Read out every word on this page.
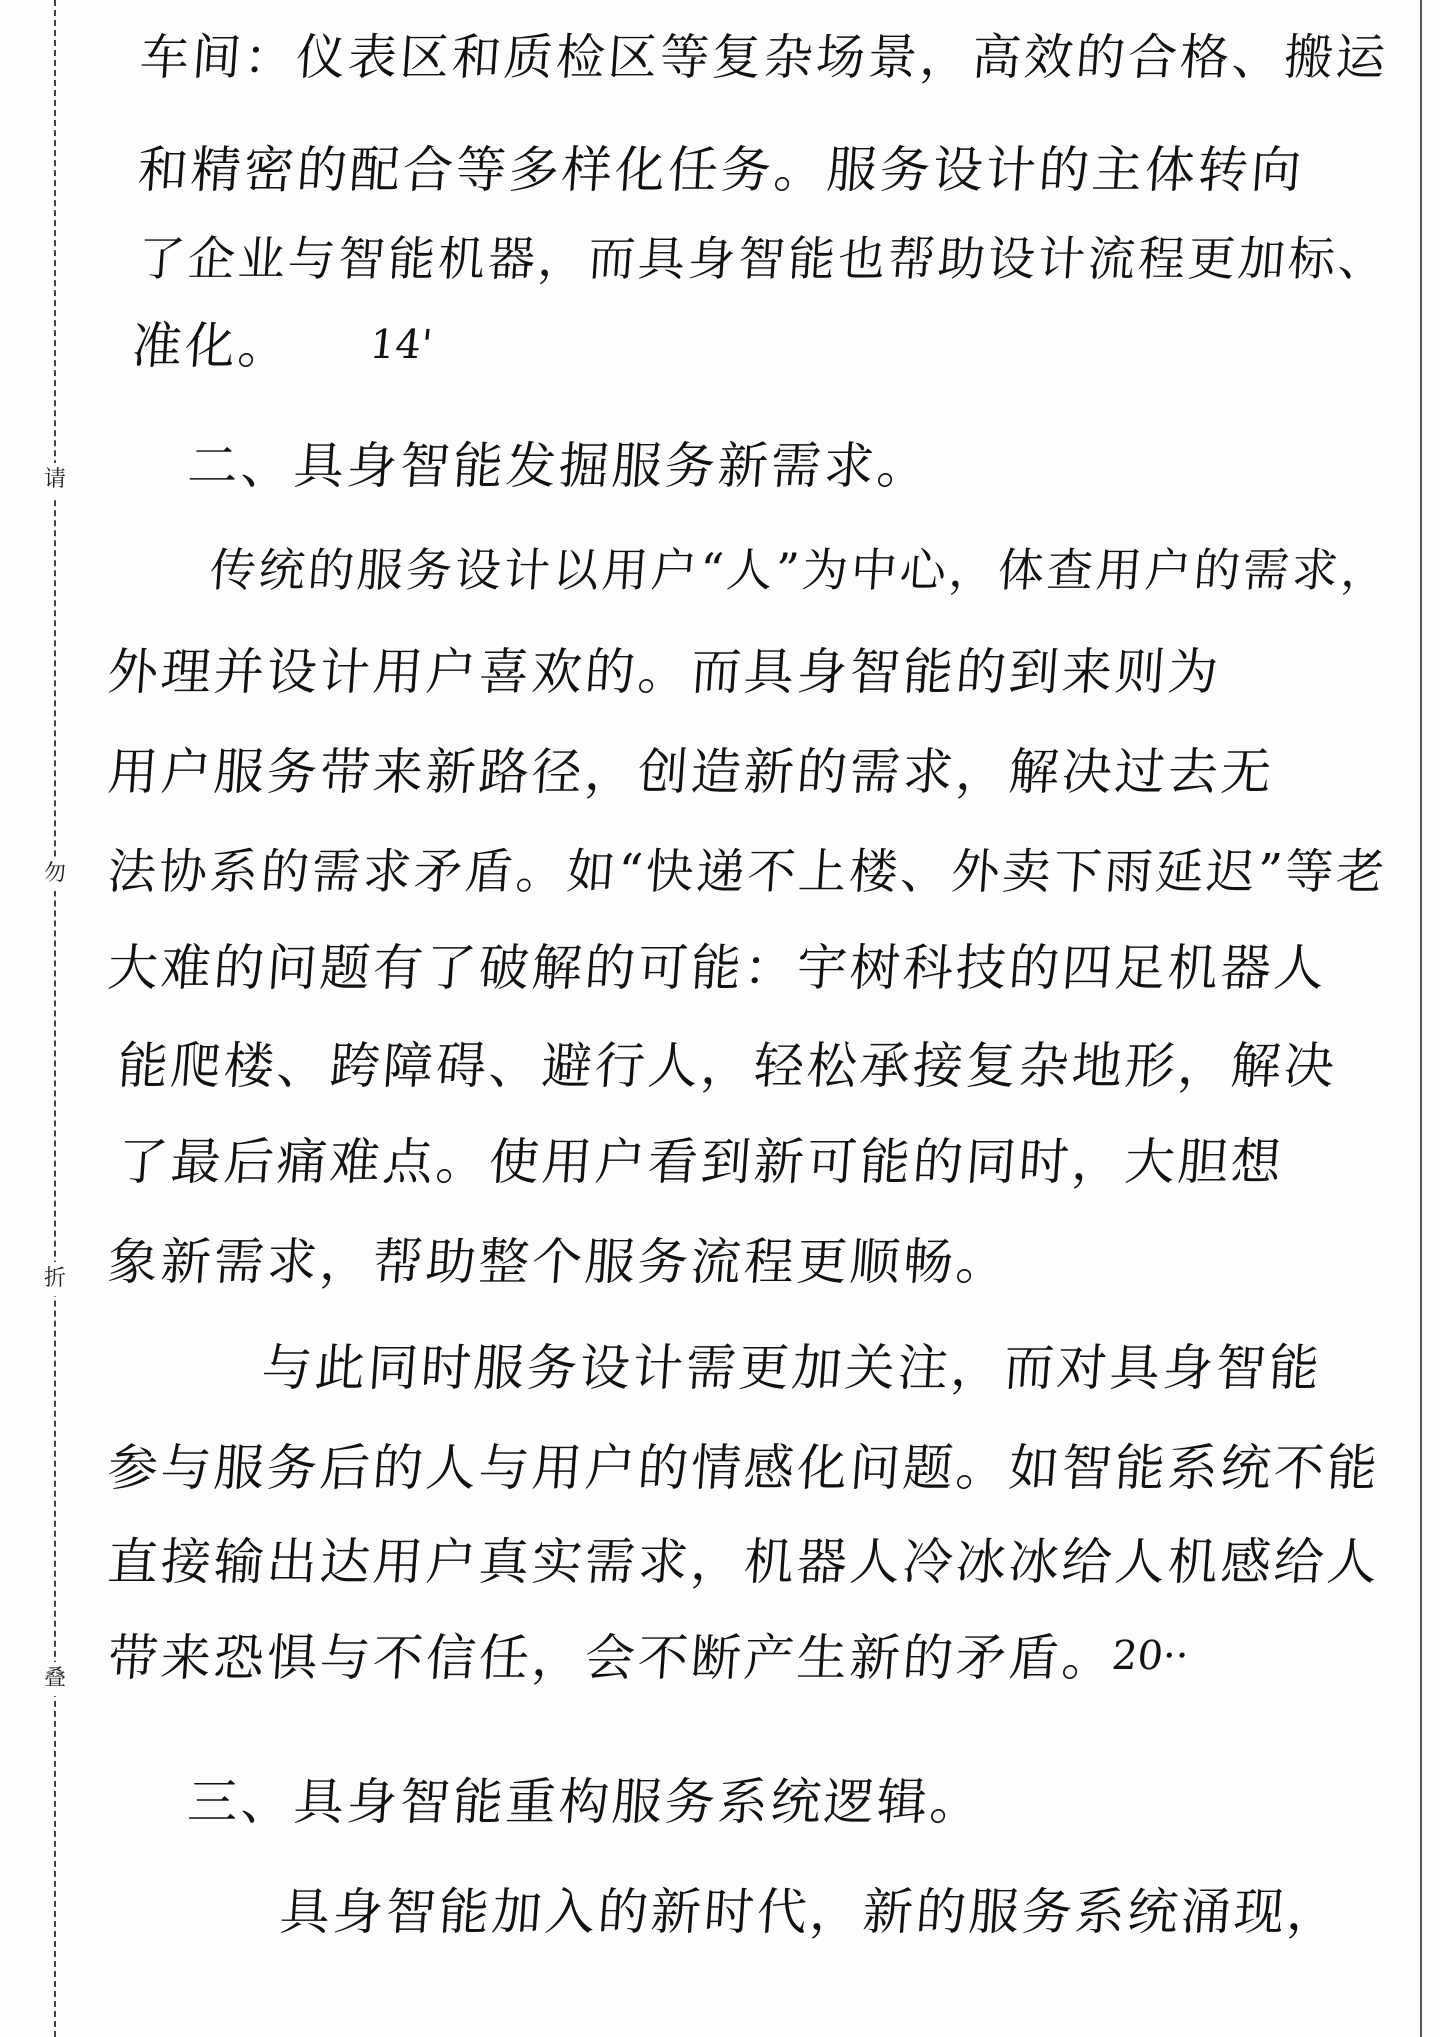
请
勿
折
叠
车间：仪表区和质检区等复杂场景，高效的合格、搬运
和精密的配合等多样化任务。服务设计的主体转向
了企业与智能机器，而具身智能也帮助设计流程更加标、
准化。 14'
二、具身智能发掘服务新需求。
传统的服务设计以用户“人”为中心，体查用户的需求，
外理并设计用户喜欢的。而具身智能的到来则为
用户服务带来新路径，创造新的需求，解决过去无
法协系的需求矛盾。如“快递不上楼、外卖下雨延迟”等老
大难的问题有了破解的可能：宇树科技的四足机器人
能爬楼、跨障碍、避行人，轻松承接复杂地形，解决
了最后痛难点。使用户看到新可能的同时，大胆想
象新需求，帮助整个服务流程更顺畅。
与此同时服务设计需更加关注，而对具身智能
参与服务后的人与用户的情感化问题。如智能系统不能
直接输出达用户真实需求，机器人冷冰冰给人机感给人
带来恐惧与不信任，会不断产生新的矛盾。
20··
三、具身智能重构服务系统逻辑。
具身智能加入的新时代，新的服务系统涌现，
